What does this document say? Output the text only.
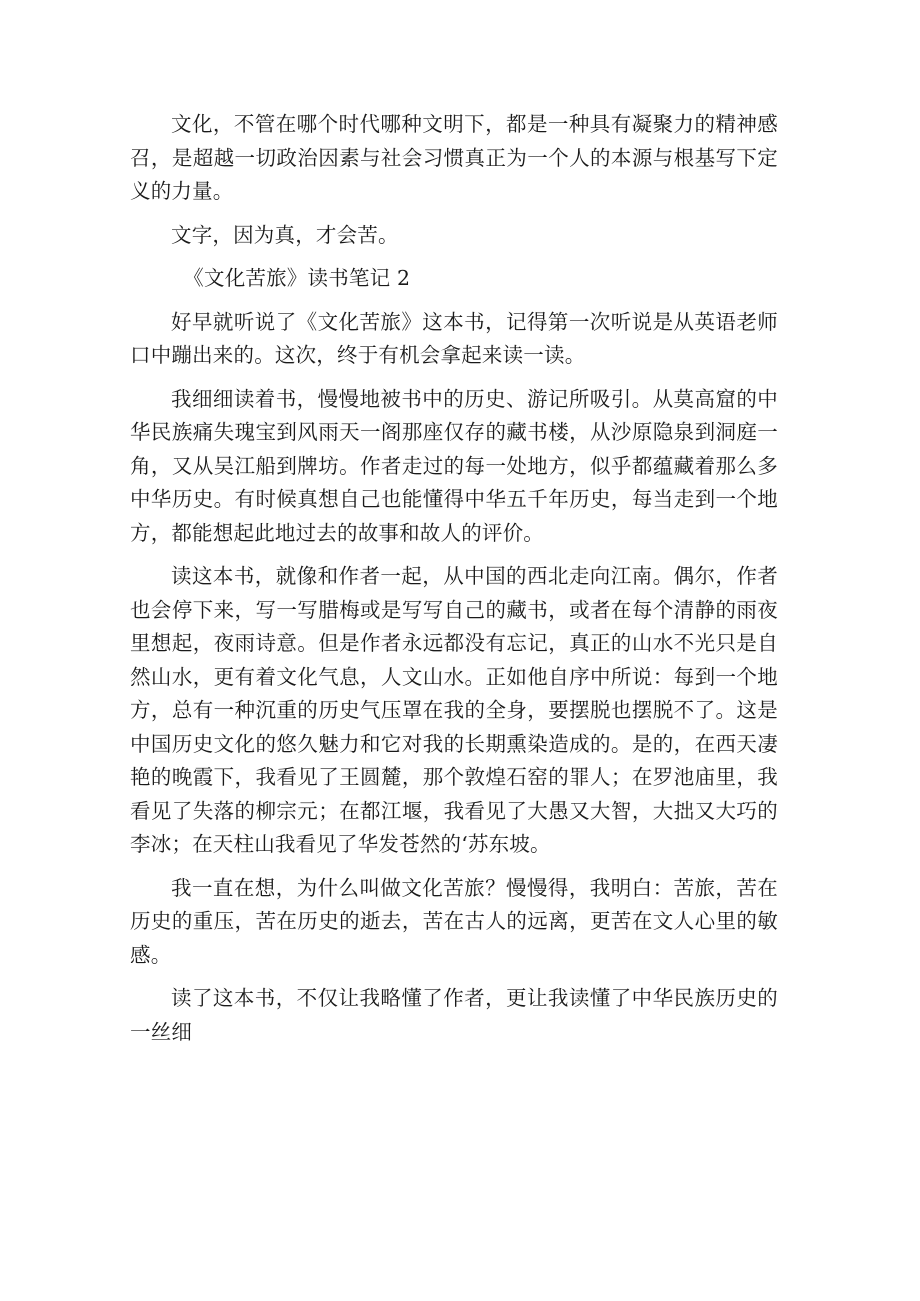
文化，不管在哪个时代哪种文明下，都是一种具有凝聚力的精神感召，是超越一切政治因素与社会习惯真正为一个人的本源与根基写下定义的力量。

文字，因为真，才会苦。

《文化苦旅》读书笔记 2

好早就听说了《文化苦旅》这本书，记得第一次听说是从英语老师口中蹦出来的。这次，终于有机会拿起来读一读。

我细细读着书，慢慢地被书中的历史、游记所吸引。从莫高窟的中华民族痛失瑰宝到风雨天一阁那座仅存的藏书楼，从沙原隐泉到洞庭一角，又从吴江船到牌坊。作者走过的每一处地方，似乎都蕴藏着那么多中华历史。有时候真想自己也能懂得中华五千年历史，每当走到一个地方，都能想起此地过去的故事和故人的评价。

读这本书，就像和作者一起，从中国的西北走向江南。偶尔，作者也会停下来，写一写腊梅或是写写自己的藏书，或者在每个清静的雨夜里想起，夜雨诗意。但是作者永远都没有忘记，真正的山水不光只是自然山水，更有着文化气息，人文山水。正如他自序中所说：每到一个地方，总有一种沉重的历史气压罩在我的全身，要摆脱也摆脱不了。这是中国历史文化的悠久魅力和它对我的长期熏染造成的。是的，在西天凄艳的晚霞下，我看见了王圆麓，那个敦煌石窑的罪人；在罗池庙里，我看见了失落的柳宗元；在都江堰，我看见了大愚又大智，大拙又大巧的李冰；在天柱山我看见了华发苍然的‘苏东坡。

我一直在想，为什么叫做文化苦旅？慢慢得，我明白：苦旅，苦在历史的重压，苦在历史的逝去，苦在古人的远离，更苦在文人心里的敏感。

读了这本书，不仅让我略懂了作者，更让我读懂了中华民族历史的一丝细
